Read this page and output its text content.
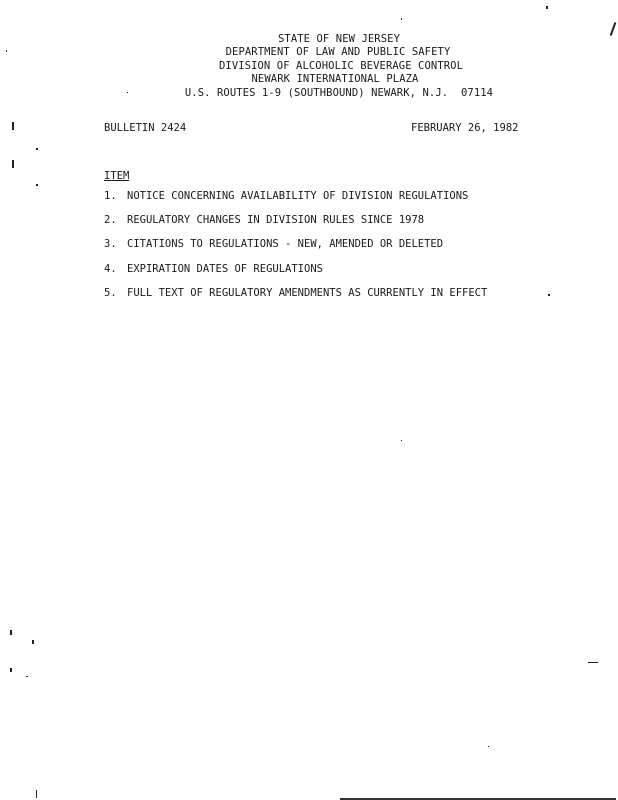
STATE OF NEW JERSEY
DEPARTMENT OF LAW AND PUBLIC SAFETY
DIVISION OF ALCOHOLIC BEVERAGE CONTROL
NEWARK INTERNATIONAL PLAZA
U.S. ROUTES 1-9 (SOUTHBOUND) NEWARK, N.J.  07114
BULLETIN 2424	FEBRUARY 26, 1982
ITEM
1. NOTICE CONCERNING AVAILABILITY OF DIVISION REGULATIONS
2. REGULATORY CHANGES IN DIVISION RULES SINCE 1978
3. CITATIONS TO REGULATIONS - NEW, AMENDED OR DELETED
4. EXPIRATION DATES OF REGULATIONS
5. FULL TEXT OF REGULATORY AMENDMENTS AS CURRENTLY IN EFFECT
